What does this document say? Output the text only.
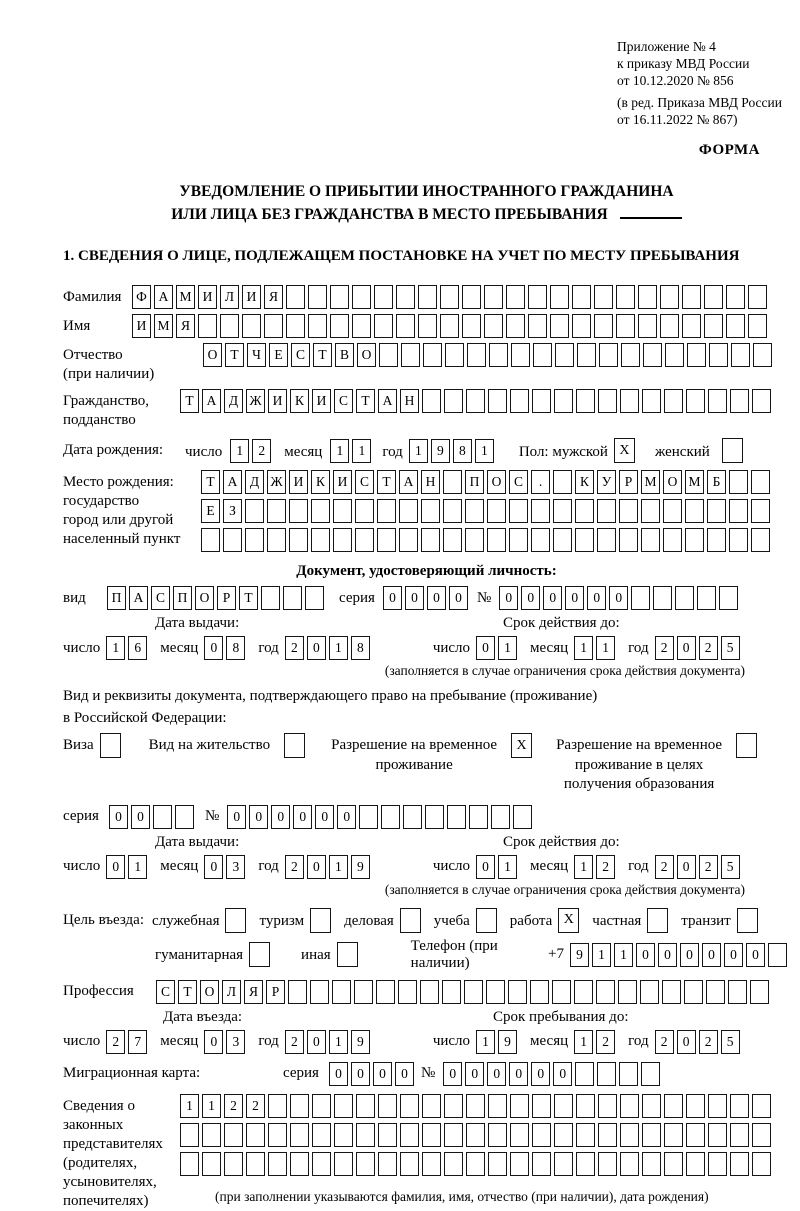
Приложение № 4
к приказу МВД России
от 10.12.2020 № 856
(в ред. Приказа МВД России
от 16.11.2022 № 867)
ФОРМА
УВЕДОМЛЕНИЕ О ПРИБЫТИИ ИНОСТРАННОГО ГРАЖДАНИНА
ИЛИ ЛИЦА БЕЗ ГРАЖДАНСТВА В МЕСТО ПРЕБЫВАНИЯ
1. СВЕДЕНИЯ О ЛИЦЕ, ПОДЛЕЖАЩЕМ ПОСТАНОВКЕ НА УЧЕТ ПО МЕСТУ ПРЕБЫВАНИЯ
Фамилия	Ф А М И Л И Я
Имя	И М Я
Отчество
(при наличии)
О Т Ч Е С Т В О
Гражданство,
подданство
Т А Д Ж И К И С Т А Н
Дата рождения:	число	1	2	месяц	1	1	год 1	9	8	1	Пол: мужской X	женский
Место рождения:
государство
город или другой
населенный пункт
Т А Д Ж И К И С Т А Н	П О С	.	К У Р М О М Б
Е	З
Документ, удостоверяющий личность:
вид	П А С П О Р	Т	серия	0	0	0	0	№	0	0	0	0	0	0
Дата выдачи:	Срок действия до:
число 1	6	месяц 0	8	год 2	0	1	8	число 0	1	месяц 1	1	год 2	0	2	5
(заполняется в случае ограничения срока действия документа)
Вид и реквизиты документа, подтверждающего право на пребывание (проживание)
в Российской Федерации:
Виза	Вид на жительство	Разрешение на временное
проживание
X	Разрешение на временное
проживание в целях
получения образования
серия	0	0	№	0	0	0	0	0	0
Дата выдачи:	Срок действия до:
число 0	1	месяц 0	3	год 2	0	1	9	число 0	1	месяц 1	2	год 2	0	2	5
(заполняется в случае ограничения срока действия документа)
Цель въезда: служебная	туризм	деловая	учеба	работа X	частная	транзит
гуманитарная	иная
Телефон (при наличии)
+7 9	1	1	0	0	0	0	0	0
Профессия	С Т О Л Я	Р
Дата въезда:	Срок пребывания до:
число 2	7	месяц 0	3	год 2	0	1	9	число 1	9	месяц 1	2	год 2	0	2	5
Миграционная карта:	серия	0	0	0	0 №	0	0	0	0	0	0
Сведения о
законных
представителях
(родителях,
усыновителях,
попечителях)
1	1	2	2
(при заполнении указываются фамилия, имя, отчество (при наличии), дата рождения)
